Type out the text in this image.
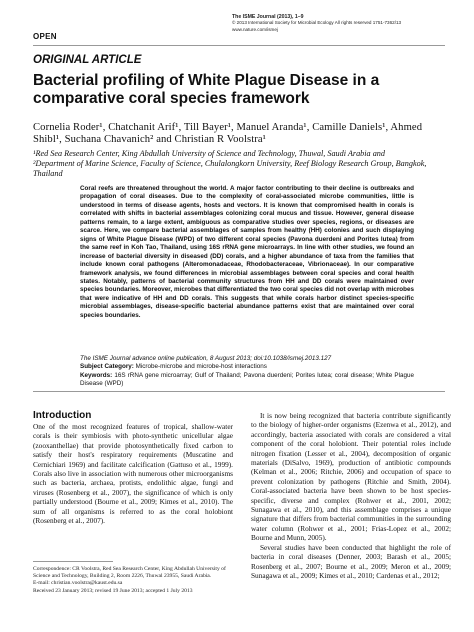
OPEN
The ISME Journal (2013), 1–9
© 2013 International Society for Microbial Ecology All rights reserved 1751-7362/13
www.nature.com/ismej
ORIGINAL ARTICLE
Bacterial profiling of White Plague Disease in a comparative coral species framework
Cornelia Roder¹, Chatchanit Arif¹, Till Bayer¹, Manuel Aranda¹, Camille Daniels¹, Ahmed Shibl¹, Suchana Chavanich² and Christian R Voolstra¹
¹Red Sea Research Center, King Abdullah University of Science and Technology, Thuwal, Saudi Arabia and
²Department of Marine Science, Faculty of Science, Chulalongkorn University, Reef Biology Research Group, Bangkok, Thailand
Coral reefs are threatened throughout the world. A major factor contributing to their decline is outbreaks and propagation of coral diseases. Due to the complexity of coral-associated microbe communities, little is understood in terms of disease agents, hosts and vectors. It is known that compromised health in corals is correlated with shifts in bacterial assemblages colonizing coral mucus and tissue. However, general disease patterns remain, to a large extent, ambiguous as comparative studies over species, regions, or diseases are scarce. Here, we compare bacterial assemblages of samples from healthy (HH) colonies and such displaying signs of White Plague Disease (WPD) of two different coral species (Pavona duerdeni and Porites lutea) from the same reef in Koh Tao, Thailand, using 16S rRNA gene microarrays. In line with other studies, we found an increase of bacterial diversity in diseased (DD) corals, and a higher abundance of taxa from the families that include known coral pathogens (Alteromonadaceae, Rhodobacteraceae, Vibrionaceae). In our comparative framework analysis, we found differences in microbial assemblages between coral species and coral health states. Notably, patterns of bacterial community structures from HH and DD corals were maintained over species boundaries. Moreover, microbes that differentiated the two coral species did not overlap with microbes that were indicative of HH and DD corals. This suggests that while corals harbor distinct species-specific microbial assemblages, disease-specific bacterial abundance patterns exist that are maintained over coral species boundaries.
The ISME Journal advance online publication, 8 August 2013; doi:10.1038/ismej.2013.127
Subject Category: Microbe-microbe and microbe-host interactions
Keywords: 16S rRNA gene microarray; Gulf of Thailand; Pavona duerdeni; Porites lutea; coral disease; White Plague Disease (WPD)
Introduction

One of the most recognized features of tropical, shallow-water corals is their symbiosis with photo-synthetic unicellular algae (zooxanthellae) that provide photosynthetically fixed carbon to satisfy their host's respiratory requirements (Muscatine and Cernichiari 1969) and facilitate calcification (Gattuso et al., 1999). Corals also live in association with numerous other microorganisms such as bacteria, archaea, protists, endolithic algae, fungi and viruses (Rosenberg et al., 2007), the significance of which is only partially understood (Bourne et al., 2009; Kimes et al., 2010). The sum of all organisms is referred to as the coral holobiont (Rosenberg et al., 2007).

It is now being recognized that bacteria contribute significantly to the biology of higher-order organisms (Ezenwa et al., 2012), and accordingly, bacteria associated with corals are considered a vital component of the coral holobiont. Their potential roles include nitrogen fixation (Lesser et al., 2004), decomposition of organic materials (DiSalvo, 1969), production of antibiotic compounds (Kelman et al., 2006; Ritchie, 2006) and occupation of space to prevent colonization by pathogens (Ritchie and Smith, 2004). Coral-associated bacteria have been shown to be host species-specific, diverse and complex (Rohwer et al., 2001, 2002; Sunagawa et al., 2010), and this assemblage comprises a unique signature that differs from bacterial communities in the surrounding water column (Rohwer et al., 2001; Frias-Lopez et al., 2002; Bourne and Munn, 2005).

Several studies have been conducted that highlight the role of bacteria in coral diseases (Denner, 2003; Barash et al., 2005; Rosenberg et al., 2007; Bourne et al., 2009; Meron et al., 2009; Sunagawa et al., 2009; Kimes et al., 2010; Cardenas et al., 2012;

Correspondence: CR Voolstra, Red Sea Research Center, King Abdullah University of Science and Technology, Building 2, Room 2226, Thuwal 23955, Saudi Arabia.
E-mail: christian.voolstra@kaust.edu.sa
Received 23 January 2013; revised 19 June 2013; accepted 1 July 2013
